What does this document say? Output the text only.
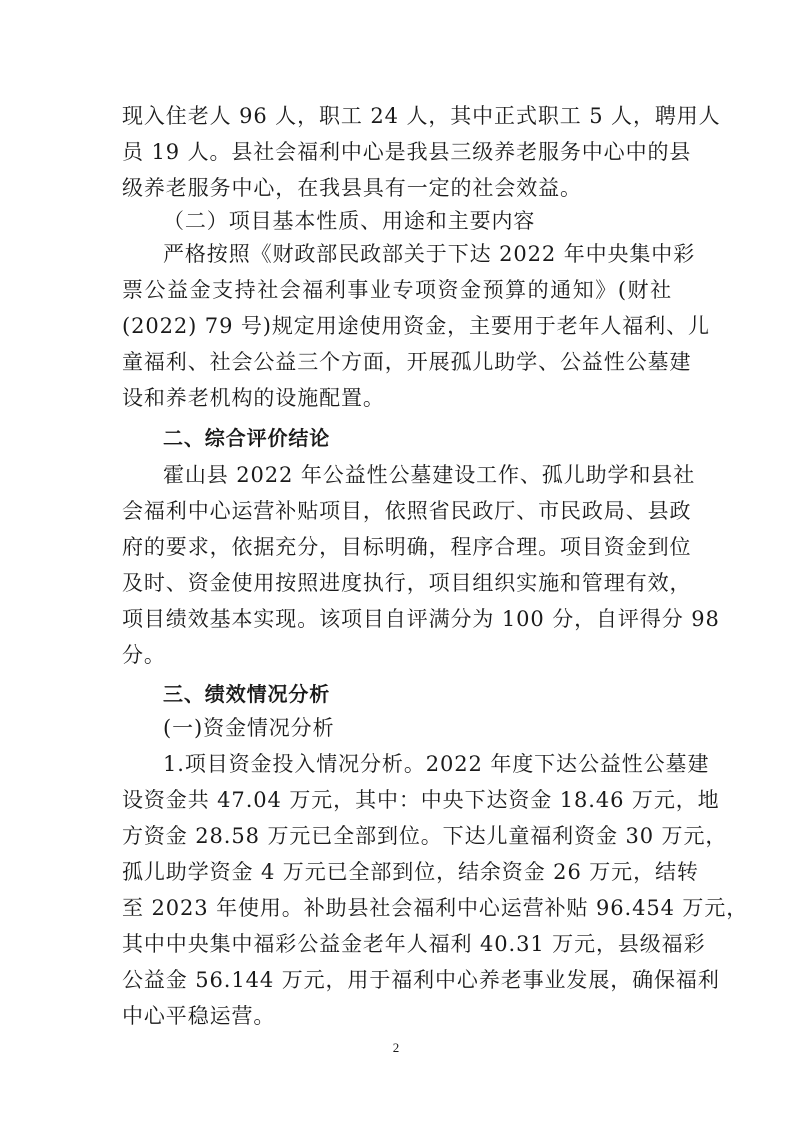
现入住老人 96 人，职工 24 人，其中正式职工 5 人，聘用人
员 19 人。县社会福利中心是我县三级养老服务中心中的县
级养老服务中心，在我县具有一定的社会效益。
（二）项目基本性质、用途和主要内容
严格按照《财政部民政部关于下达 2022 年中央集中彩
票公益金支持社会福利事业专项资金预算的通知》(财社
(2022) 79 号)规定用途使用资金，主要用于老年人福利、儿
童福利、社会公益三个方面，开展孤儿助学、公益性公墓建
设和养老机构的设施配置。
二、综合评价结论
霍山县 2022 年公益性公墓建设工作、孤儿助学和县社
会福利中心运营补贴项目，依照省民政厅、市民政局、县政
府的要求，依据充分，目标明确，程序合理。项目资金到位
及时、资金使用按照进度执行，项目组织实施和管理有效，
项目绩效基本实现。该项目自评满分为 100 分，自评得分 98
分。
三、绩效情况分析
(一)资金情况分析
1.项目资金投入情况分析。2022 年度下达公益性公墓建
设资金共 47.04 万元，其中：中央下达资金 18.46 万元，地
方资金 28.58 万元已全部到位。下达儿童福利资金 30 万元，
孤儿助学资金 4 万元已全部到位，结余资金 26 万元，结转
至 2023 年使用。补助县社会福利中心运营补贴 96.454 万元，
其中中央集中福彩公益金老年人福利 40.31 万元，县级福彩
公益金 56.144 万元，用于福利中心养老事业发展，确保福利
中心平稳运营。
2
